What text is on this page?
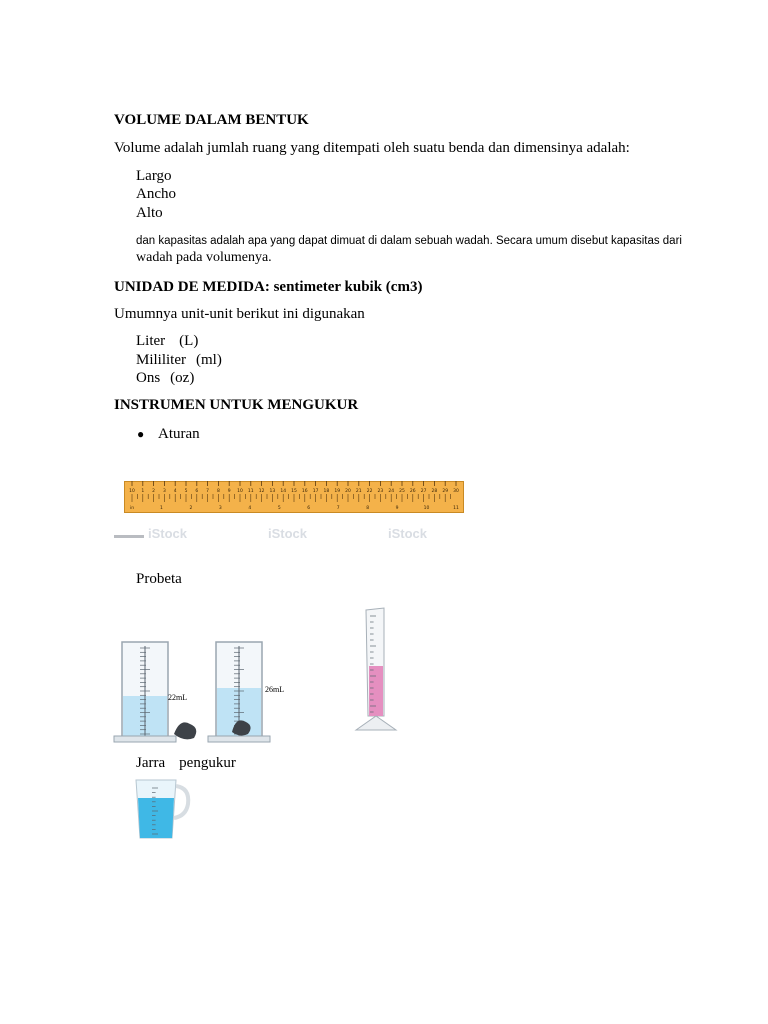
VOLUME DALAM BENTUK
Volume adalah jumlah ruang yang ditempati oleh suatu benda dan dimensinya adalah:
Largo
Ancho
Alto
dan kapasitas adalah apa yang dapat dimuat di dalam sebuah wadah. Secara umum disebut kapasitas dari
wadah pada volumenya.
UNIDAD DE MEDIDA: sentimeter kubik (cm3)
Umumnya unit-unit berikut ini digunakan
Liter (L)
Mililiter (ml)
Ons (oz)
INSTRUMEN UNTUK MENGUKUR
● Aturan
iStock	iStock	iStock
10 1 2 3 4 5 6 7 8 9 10 11 12 13 14 15 16 17 18 19 20 21 22 23 24 25 26 27 28 29 30
in	1	2	3	4	5	6	7	8	9	10	11
Probeta
22mL
26mL
Jarra pengukur
